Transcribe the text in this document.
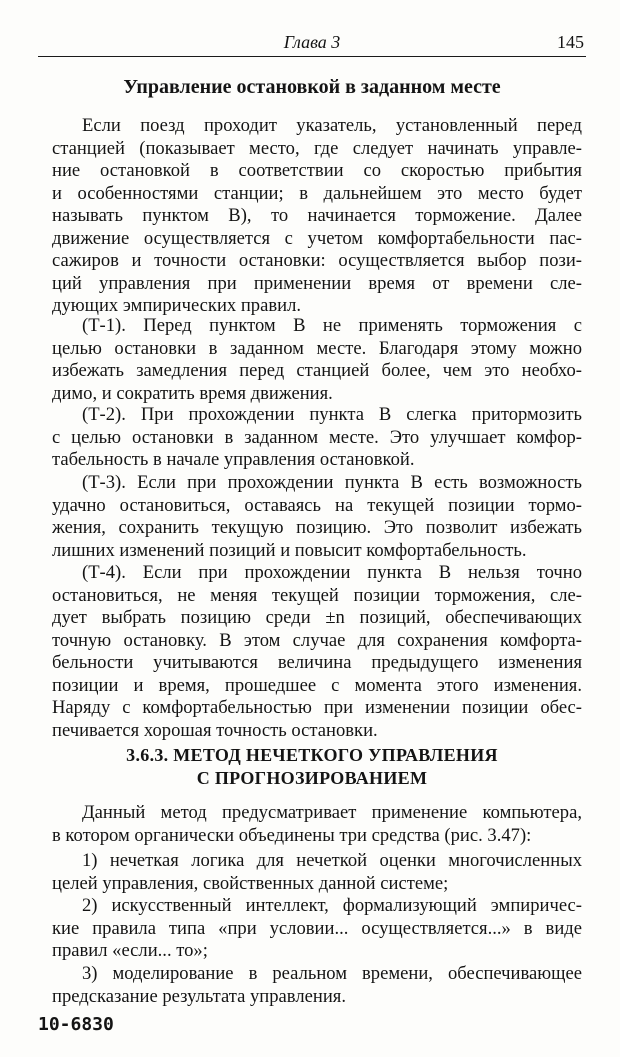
Глава 3	145
Управление остановкой в заданном месте
Если поезд проходит указатель, установленный перед
станцией (показывает место, где следует начинать управле-
ние остановкой в соответствии со скоростью прибытия
и особенностями станции; в дальнейшем это место будет
называть пунктом В), то начинается торможение. Далее
движение осуществляется с учетом комфортабельности пас-
сажиров и точности остановки: осуществляется выбор пози-
ций управления при применении время от времени сле-
дующих эмпирических правил.
(Т-1). Перед пунктом В не применять торможения с
целью остановки в заданном месте. Благодаря этому можно
избежать замедления перед станцией более, чем это необхо-
димо, и сократить время движения.
(Т-2). При прохождении пункта В слегка притормозить
с целью остановки в заданном месте. Это улучшает комфор-
табельность в начале управления остановкой.
(Т-3). Если при прохождении пункта В есть возможность
удачно остановиться, оставаясь на текущей позиции тормо-
жения, сохранить текущую позицию. Это позволит избежать
лишних изменений позиций и повысит комфортабельность.
(Т-4). Если при прохождении пункта В нельзя точно
остановиться, не меняя текущей позиции торможения, сле-
дует выбрать позицию среди ±n позиций, обеспечивающих
точную остановку. В этом случае для сохранения комфорта-
бельности учитываются величина предыдущего изменения
позиции и время, прошедшее с момента этого изменения.
Наряду с комфортабельностью при изменении позиции обес-
печивается хорошая точность остановки.
3.6.3. МЕТОД НЕЧЕТКОГО УПРАВЛЕНИЯ
С ПРОГНОЗИРОВАНИЕМ
Данный метод предусматривает применение компьютера,
в котором органически объединены три средства (рис. 3.47):
1) нечеткая логика для нечеткой оценки многочисленных
целей управления, свойственных данной системе;
2) искусственный интеллект, формализующий эмпиричес-
кие правила типа «при условии... осуществляется...» в виде
правил «если... то»;
3) моделирование в реальном времени, обеспечивающее
предсказание результата управления.
10-6830
